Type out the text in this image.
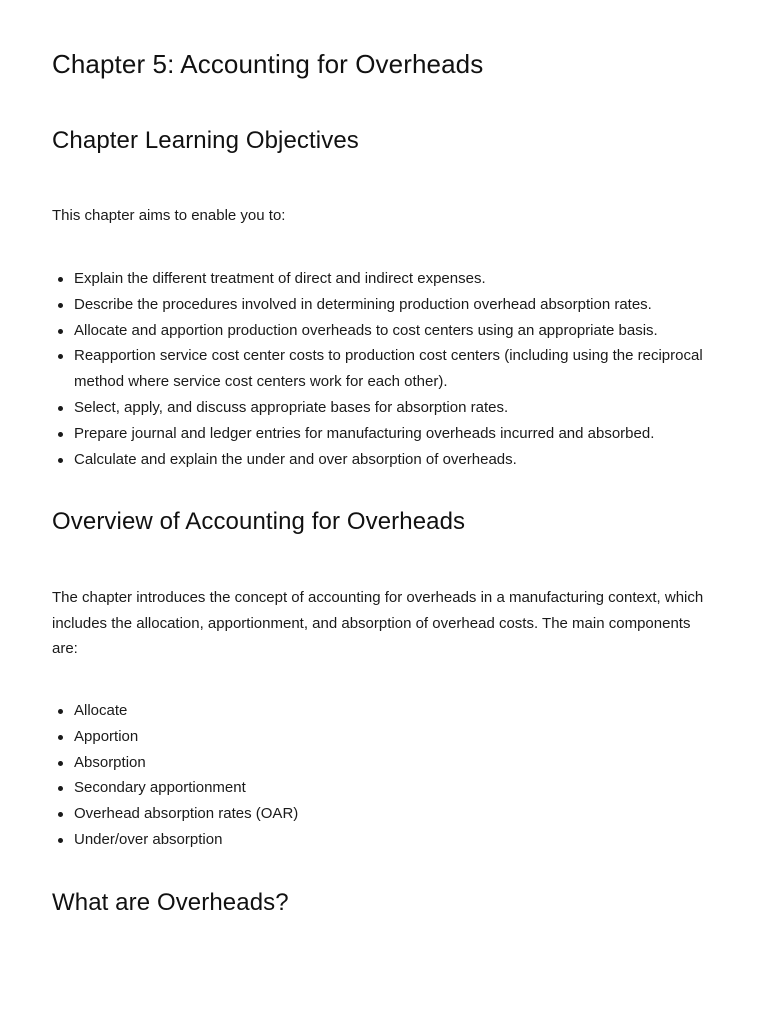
Chapter 5: Accounting for Overheads
Chapter Learning Objectives

This chapter aims to enable you to:

Explain the different treatment of direct and indirect expenses.
Describe the procedures involved in determining production overhead absorption rates.
Allocate and apportion production overheads to cost centers using an appropriate basis.
Reapportion service cost center costs to production cost centers (including using the reciprocal method where service cost centers work for each other).
Select, apply, and discuss appropriate bases for absorption rates.
Prepare journal and ledger entries for manufacturing overheads incurred and absorbed.
Calculate and explain the under and over absorption of overheads.
Overview of Accounting for Overheads

The chapter introduces the concept of accounting for overheads in a manufacturing context, which includes the allocation, apportionment, and absorption of overhead costs. The main components are:

Allocate
Apportion
Absorption
Secondary apportionment
Overhead absorption rates (OAR)
Under/over absorption
What are Overheads?
